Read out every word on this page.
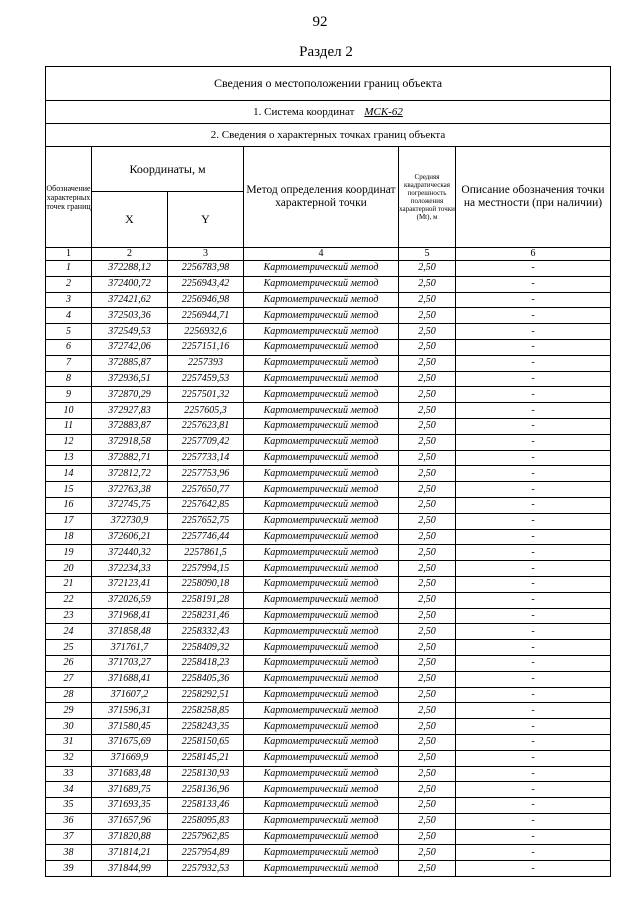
92
Раздел 2
Сведения о местоположении границ объекта					
1. Система координат МСК-62					
2. Сведения о характерных точках границ объекта					
Обозначение характерных точек границ	Координаты, м		Метод определения координат характерной точки	Средняя квадратическая погрешность положения характерной точки (Mt), м	Описание обозначения точки на местности (при наличии)
	X	Y			
1	2	3	4	5	6
1	372288,12	2256783,98	Картометрический метод	2,50	-
2	372400,72	2256943,42	Картометрический метод	2,50	-
3	372421,62	2256946,98	Картометрический метод	2,50	-
4	372503,36	2256944,71	Картометрический метод	2,50	-
5	372549,53	2256932,6	Картометрический метод	2,50	-
6	372742,06	2257151,16	Картометрический метод	2,50	-
7	372885,87	2257393	Картометрический метод	2,50	-
8	372936,51	2257459,53	Картометрический метод	2,50	-
9	372870,29	2257501,32	Картометрический метод	2,50	-
10	372927,83	2257605,3	Картометрический метод	2,50	-
11	372883,87	2257623,81	Картометрический метод	2,50	-
12	372918,58	2257709,42	Картометрический метод	2,50	-
13	372882,71	2257733,14	Картометрический метод	2,50	-
14	372812,72	2257753,96	Картометрический метод	2,50	-
15	372763,38	2257650,77	Картометрический метод	2,50	-
16	372745,75	2257642,85	Картометрический метод	2,50	-
17	372730,9	2257652,75	Картометрический метод	2,50	-
18	372606,21	2257746,44	Картометрический метод	2,50	-
19	372440,32	2257861,5	Картометрический метод	2,50	-
20	372234,33	2257994,15	Картометрический метод	2,50	-
21	372123,41	2258090,18	Картометрический метод	2,50	-
22	372026,59	2258191,28	Картометрический метод	2,50	-
23	371968,41	2258231,46	Картометрический метод	2,50	-
24	371858,48	2258332,43	Картометрический метод	2,50	-
25	371761,7	2258409,32	Картометрический метод	2,50	-
26	371703,27	2258418,23	Картометрический метод	2,50	-
27	371688,41	2258405,36	Картометрический метод	2,50	-
28	371607,2	2258292,51	Картометрический метод	2,50	-
29	371596,31	2258258,85	Картометрический метод	2,50	-
30	371580,45	2258243,35	Картометрический метод	2,50	-
31	371675,69	2258150,65	Картометрический метод	2,50	-
32	371669,9	2258145,21	Картометрический метод	2,50	-
33	371683,48	2258130,93	Картометрический метод	2,50	-
34	371689,75	2258136,96	Картометрический метод	2,50	-
35	371693,35	2258133,46	Картометрический метод	2,50	-
36	371657,96	2258095,83	Картометрический метод	2,50	-
37	371820,88	2257962,85	Картометрический метод	2,50	-
38	371814,21	2257954,89	Картометрический метод	2,50	-
39	371844,99	2257932,53	Картометрический метод	2,50	-
